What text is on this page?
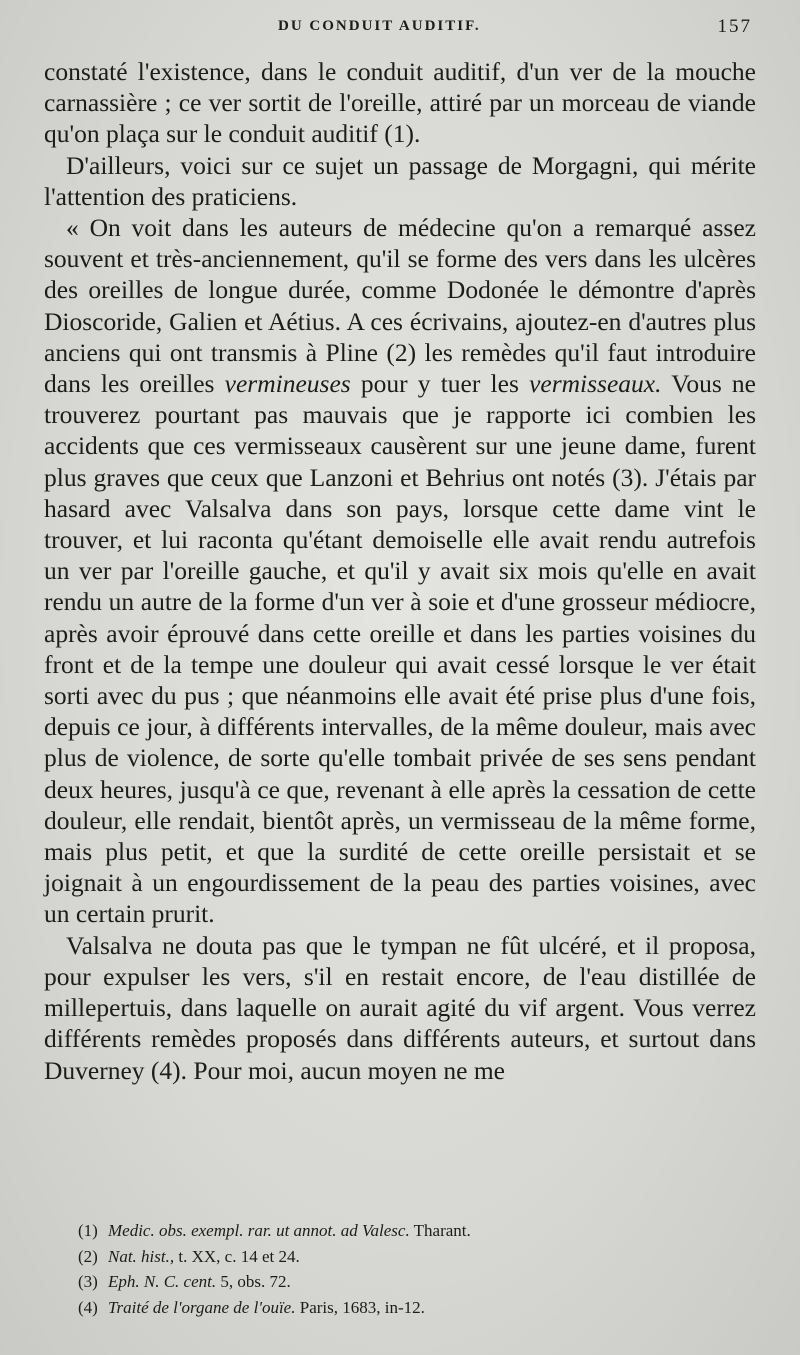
DU CONDUIT AUDITIF.	157

constaté l'existence, dans le conduit auditif, d'un ver de la mouche carnassière ; ce ver sortit de l'oreille, attiré par un morceau de viande qu'on plaça sur le conduit auditif (1).

D'ailleurs, voici sur ce sujet un passage de Morgagni, qui mérite l'attention des praticiens.

« On voit dans les auteurs de médecine qu'on a remarqué assez souvent et très-anciennement, qu'il se forme des vers dans les ulcères des oreilles de longue durée, comme Dodonée le démontre d'après Dioscoride, Galien et Aétius. A ces écrivains, ajoutez-en d'autres plus anciens qui ont transmis à Pline (2) les remèdes qu'il faut introduire dans les oreilles vermineuses pour y tuer les vermisseaux. Vous ne trouverez pourtant pas mauvais que je rapporte ici combien les accidents que ces vermisseaux causèrent sur une jeune dame, furent plus graves que ceux que Lanzoni et Behrius ont notés (3). J'étais par hasard avec Valsalva dans son pays, lorsque cette dame vint le trouver, et lui raconta qu'étant demoiselle elle avait rendu autrefois un ver par l'oreille gauche, et qu'il y avait six mois qu'elle en avait rendu un autre de la forme d'un ver à soie et d'une grosseur médiocre, après avoir éprouvé dans cette oreille et dans les parties voisines du front et de la tempe une douleur qui avait cessé lorsque le ver était sorti avec du pus ; que néanmoins elle avait été prise plus d'une fois, depuis ce jour, à différents intervalles, de la même douleur, mais avec plus de violence, de sorte qu'elle tombait privée de ses sens pendant deux heures, jusqu'à ce que, revenant à elle après la cessation de cette douleur, elle rendait, bientôt après, un vermisseau de la même forme, mais plus petit, et que la surdité de cette oreille persistait et se joignait à un engourdissement de la peau des parties voisines, avec un certain prurit.

Valsalva ne douta pas que le tympan ne fût ulcéré, et il proposa, pour expulser les vers, s'il en restait encore, de l'eau distillée de millepertuis, dans laquelle on aurait agité du vif argent. Vous verrez différents remèdes proposés dans différents auteurs, et surtout dans Duverney (4). Pour moi, aucun moyen ne me

(1) Medic. obs. exempl. rar. ut annot. ad Valesc. Tharant.
(2) Nat. hist., t. XX, c. 14 et 24.
(3) Eph. N. C. cent. 5, obs. 72.
(4) Traité de l'organe de l'ouïe. Paris, 1683, in-12.
